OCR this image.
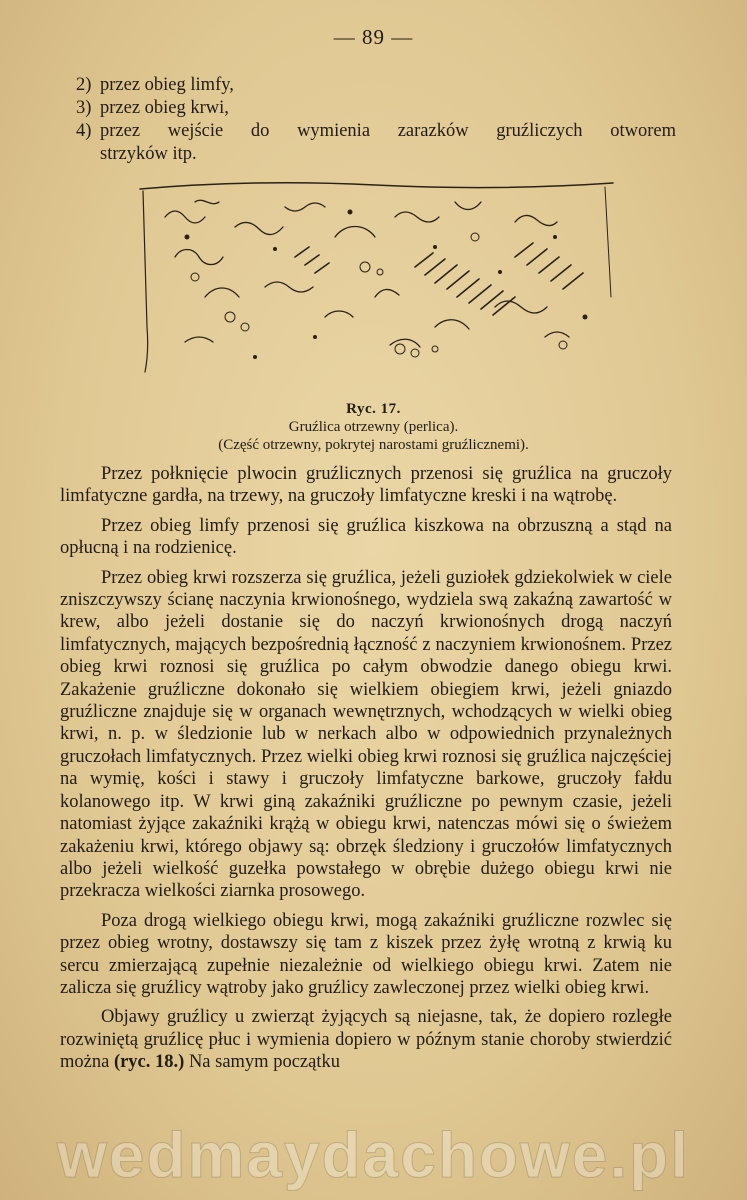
— 89 —
2) przez obieg limfy,
3) przez obieg krwi,
4) przez wejście do wymienia zarazków gruźliczych otworem
strzyków itp.
Ryc. 17.
Gruźlica otrzewny (perlica).
(Część otrzewny, pokrytej narostami gruźlicznemi).

Przez połknięcie plwocin gruźlicznych przenosi się gruźlica na gruczoły limfatyczne gardła, na trzewy, na gruczoły limfatyczne kreski i na wątrobę.

Przez obieg limfy przenosi się gruźlica kiszkowa na obrzuszną a stąd na opłucną i na rodzienicę.

Przez obieg krwi rozszerza się gruźlica, jeżeli guziołek gdziekolwiek w ciele zniszczywszy ścianę naczynia krwionośnego, wydziela swą zakaźną zawartość w krew, albo jeżeli dostanie się do naczyń krwionośnych drogą naczyń limfatycznych, mających bezpośrednią łączność z naczyniem krwionośnem. Przez obieg krwi roznosi się gruźlica po całym obwodzie danego obiegu krwi. Zakażenie gruźliczne dokonało się wielkiem obiegiem krwi, jeżeli gniazdo gruźliczne znajduje się w organach wewnętrznych, wchodzących w wielki obieg krwi, n. p. w śledzionie lub w nerkach albo w odpowiednich przynależnych gruczołach limfatycznych. Przez wielki obieg krwi roznosi się gruźlica najczęściej na wymię, kości i stawy i gruczoły limfatyczne barkowe, gruczoły fałdu kolanowego itp. W krwi giną zakaźniki gruźliczne po pewnym czasie, jeżeli natomiast żyjące zakaźniki krążą w obiegu krwi, natenczas mówi się o świeżem zakażeniu krwi, którego objawy są: obrzęk śledziony i gruczołów limfatycznych albo jeżeli wielkość guzełka powstałego w obrębie dużego obiegu krwi nie przekracza wielkości ziarnka prosowego.

Poza drogą wielkiego obiegu krwi, mogą zakaźniki gruźliczne rozwlec się przez obieg wrotny, dostawszy się tam z kiszek przez żyłę wrotną z krwią ku sercu zmierzającą zupełnie niezależnie od wielkiego obiegu krwi. Zatem nie zalicza się gruźlicy wątroby jako gruźlicy zawleczonej przez wielki obieg krwi.

Objawy gruźlicy u zwierząt żyjących są niejasne, tak, że dopiero rozległe rozwiniętą gruźlicę płuc i wymienia dopiero w późnym stanie choroby stwierdzić można (ryc. 18.) Na samym początku

wedmaydachowe.pl
